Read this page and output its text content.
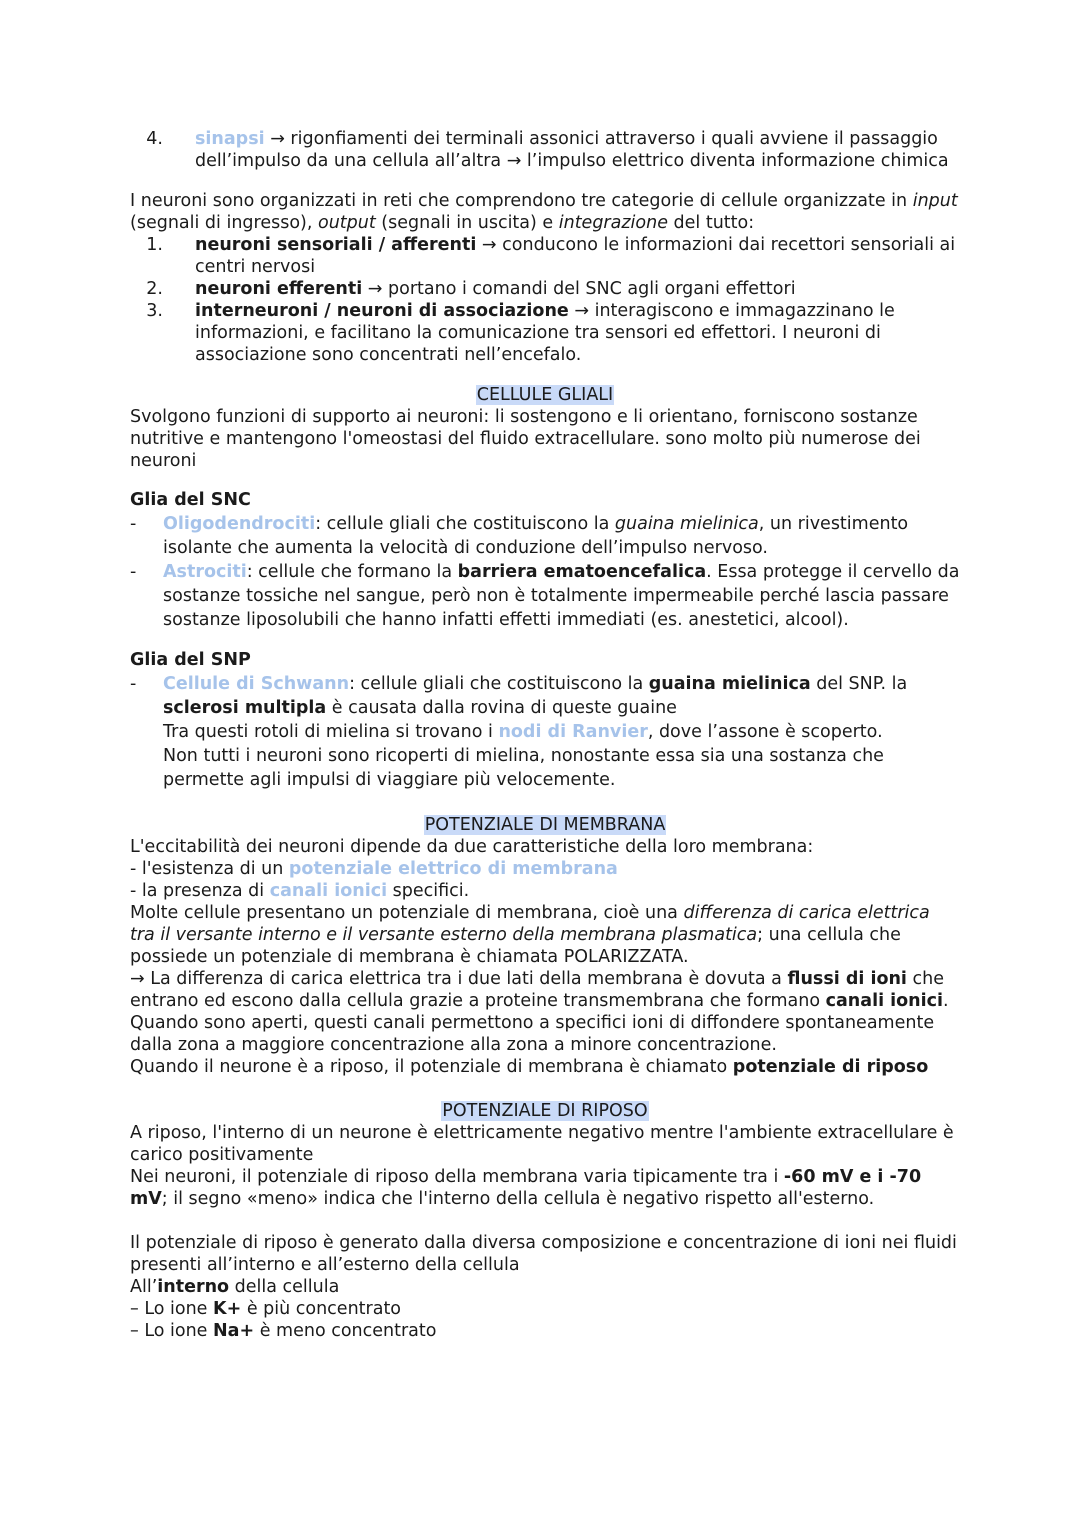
4.	sinapsi → rigonfiamenti dei terminali assonici attraverso i quali avviene il passaggio dell’impulso da una cellula all’altra → l’impulso elettrico diventa informazione chimica

I neuroni sono organizzati in reti che comprendono tre categorie di cellule organizzate in input (segnali di ingresso), output (segnali in uscita) e integrazione del tutto:

1.	neuroni sensoriali / afferenti → conducono le informazioni dai recettori sensoriali ai centri nervosi

2.	neuroni efferenti → portano i comandi del SNC agli organi effettori

3.	interneuroni / neuroni di associazione → interagiscono e immagazzinano le informazioni, e facilitano la comunicazione tra sensori ed effettori. I neuroni di associazione sono concentrati nell’encefalo.

CELLULE GLIALI

Svolgono funzioni di supporto ai neuroni: li sostengono e li orientano, forniscono sostanze nutritive e mantengono l'omeostasi del fluido extracellulare. sono molto più numerose dei neuroni

Glia del SNC
-	Oligodendrociti: cellule gliali che costituiscono la guaina mielinica, un rivestimento isolante che aumenta la velocità di conduzione dell’impulso nervoso.

-	Astrociti: cellule che formano la barriera ematoencefalica. Essa protegge il cervello da sostanze tossiche nel sangue, però non è totalmente impermeabile perché lascia passare sostanze liposolubili che hanno infatti effetti immediati (es. anestetici, alcool).

Glia del SNP
-	Cellule di Schwann: cellule gliali che costituiscono la guaina mielinica del SNP. la sclerosi multipla è causata dalla rovina di queste guaine

Tra questi rotoli di mielina si trovano i nodi di Ranvier, dove l’assone è scoperto.

Non tutti i neuroni sono ricoperti di mielina, nonostante essa sia una sostanza che permette agli impulsi di viaggiare più velocemente.

POTENZIALE DI MEMBRANA

L'eccitabilità dei neuroni dipende da due caratteristiche della loro membrana:

- l'esistenza di un potenziale elettrico di membrana

- la presenza di canali ionici specifici.

Molte cellule presentano un potenziale di membrana, cioè una differenza di carica elettrica tra il versante interno e il versante esterno della membrana plasmatica; una cellula che possiede un potenziale di membrana è chiamata POLARIZZATA.

→ La differenza di carica elettrica tra i due lati della membrana è dovuta a flussi di ioni che entrano ed escono dalla cellula grazie a proteine transmembrana che formano canali ionici. Quando sono aperti, questi canali permettono a specifici ioni di diffondere spontaneamente dalla zona a maggiore concentrazione alla zona a minore concentrazione.

Quando il neurone è a riposo, il potenziale di membrana è chiamato potenziale di riposo

POTENZIALE DI RIPOSO

A riposo, l'interno di un neurone è elettricamente negativo mentre l'ambiente extracellulare è carico positivamente

Nei neuroni, il potenziale di riposo della membrana varia tipicamente tra i -60 mV e i -70 mV; il segno «meno» indica che l'interno della cellula è negativo rispetto all'esterno.

Il potenziale di riposo è generato dalla diversa composizione e concentrazione di ioni nei fluidi presenti all’interno e all’esterno della cellula

All’interno della cellula

– Lo ione K+ è più concentrato

– Lo ione Na+ è meno concentrato
